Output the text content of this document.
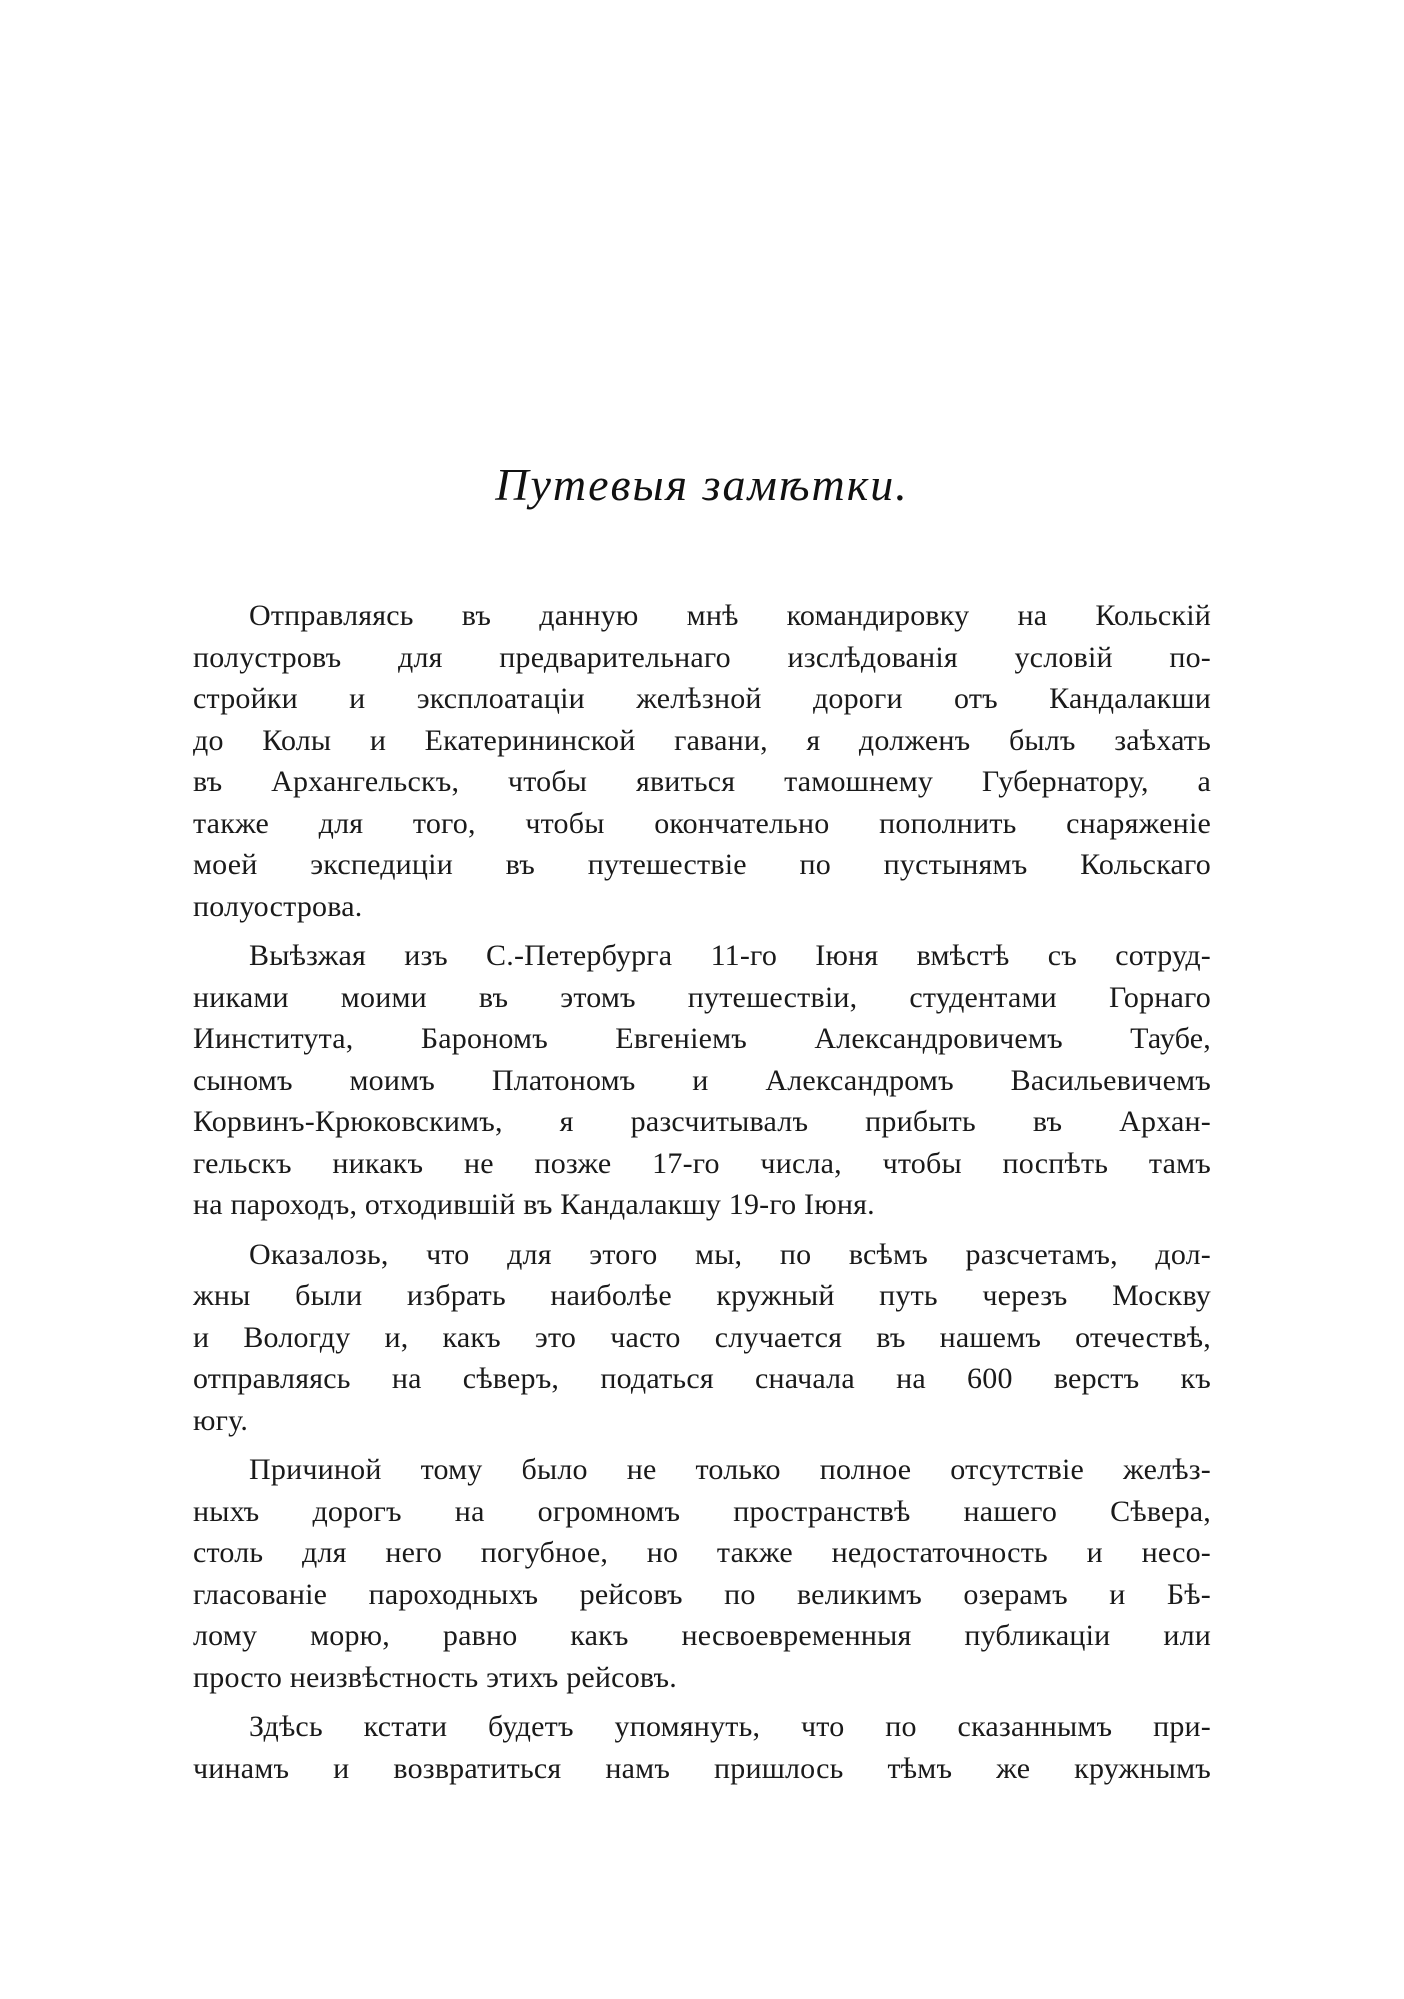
Путевыя замѣтки.
Отправляясь въ данную мнѣ командировку на Кольскій
полустровъ для предварительнаго изслѣдованія условій по-
стройки и эксплоатаціи желѣзной дороги отъ Кандалакши
до Колы и Екатерининской гавани, я долженъ былъ заѣхать
въ Архангельскъ, чтобы явиться тамошнему Губернатору, а
также для того, чтобы окончательно пополнить снаряженіе
моей экспедиціи въ путешествіе по пустынямъ Кольскаго
полуострова.
Выѣзжая изъ С.-Петербурга 11-го Іюня вмѣстѣ съ сотруд-
никами моими въ этомъ путешествіи, студентами Горнаго
Иинститута, Барономъ Евгеніемъ Александровичемъ Таубе,
сыномъ моимъ Платономъ и Александромъ Васильевичемъ
Корвинъ-Крюковскимъ, я разсчитывалъ прибыть въ Архан-
гельскъ никакъ не позже 17-го числа, чтобы поспѣть тамъ
на пароходъ, отходившій въ Кандалакшу 19-го Іюня.
Оказалозь, что для этого мы, по всѣмъ разсчетамъ, дол-
жны были избрать наиболѣе кружный путь черезъ Москву
и Вологду и, какъ это часто случается въ нашемъ отечествѣ,
отправляясь на сѣверъ, податься сначала на 600 верстъ къ
югу.
Причиной тому было не только полное отсутствіе желѣз-
ныхъ дорогъ на огромномъ пространствѣ нашего Сѣвера,
столь для него погубное, но также недостаточность и несо-
гласованіе пароходныхъ рейсовъ по великимъ озерамъ и Бѣ-
лому морю, равно какъ несвоевременныя публикаціи или
просто неизвѣстность этихъ рейсовъ.
Здѣсь кстати будетъ упомянуть, что по сказаннымъ при-
чинамъ и возвратиться намъ пришлось тѣмъ же кружнымъ
